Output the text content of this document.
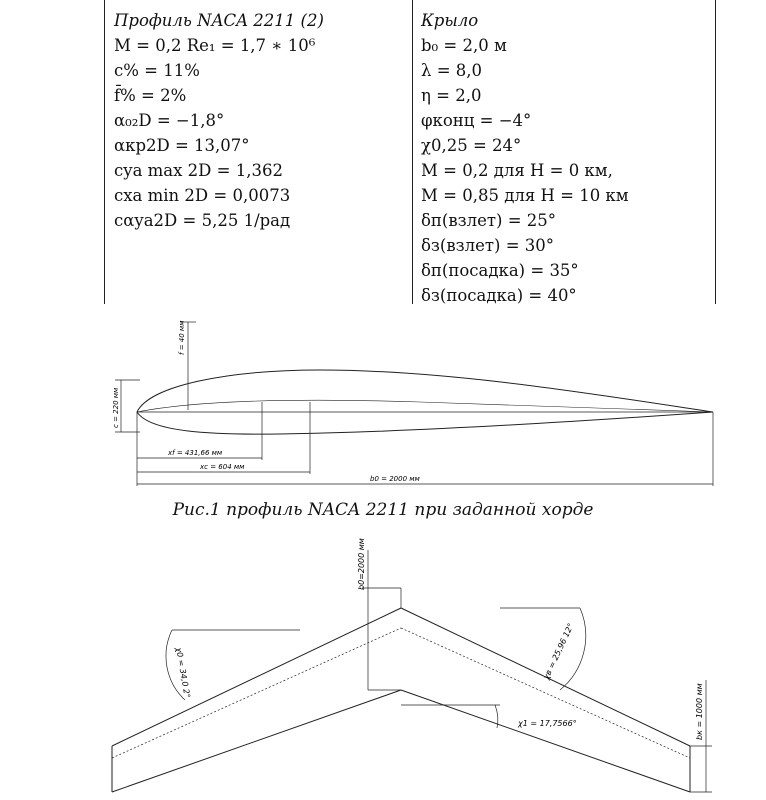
Профиль NACA 2211 (2)
M = 0,2 Re₁ = 1,7 ∗ 10⁶
c% = 11%
f̄% = 2%
α₀₂D = −1,8°
αкр2D = 13,07°
cya max 2D = 1,362
cxa min 2D = 0,0073
cαya2D = 5,25 1/рад
Крыло
b₀ = 2,0 м
λ = 8,0
η = 2,0
φконц = −4°
χ0,25 = 24°
M = 0,2 для H = 0 км,
M = 0,85 для H = 10 км
δп(взлет) = 25°
δз(взлет) = 30°
δп(посадка) = 35°
δз(посадка) = 40°
f = 40 мм
c = 220 мм
xf = 431,66 мм
xc = 604 мм
b0 = 2000 мм
Рис.1 профиль NACA 2211 при заданной хорде
b0=2000 мм
χ0 = 34,0 2°	χв = 25,96 12°
χ1 = 17,7566°	bк = 1000 мм
